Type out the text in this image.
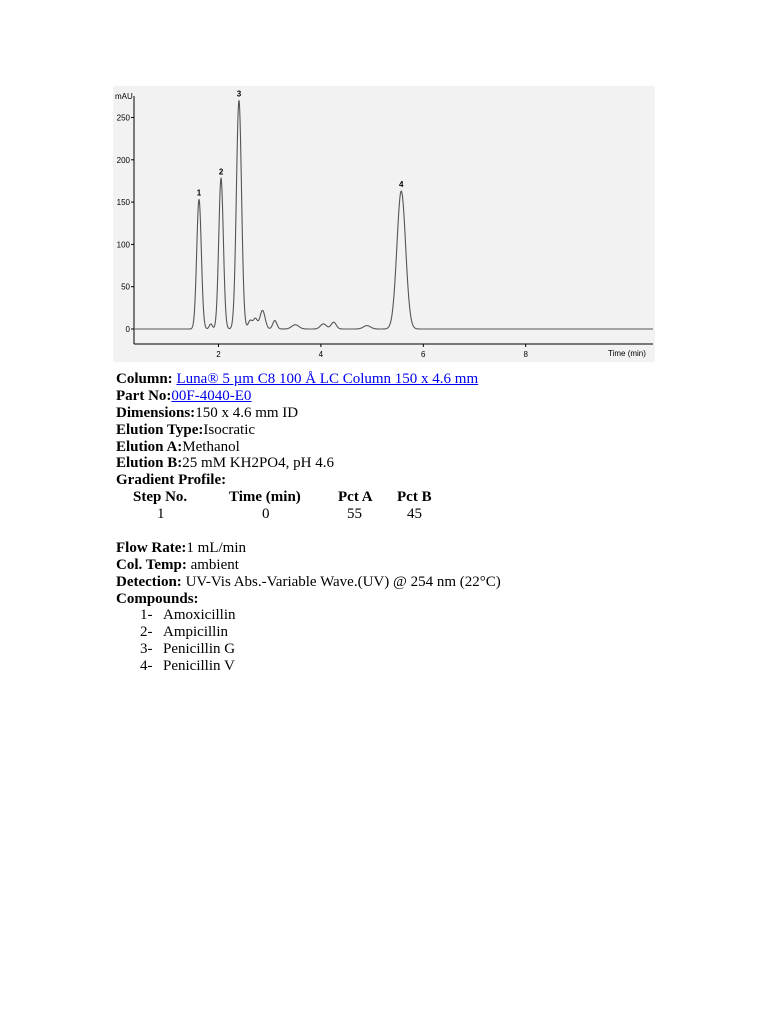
mAU
Time (min)
0
50
100
150
200
250
2	4	6	8
1
2
3
4
Column: Luna® 5 µm C8 100 Å LC Column 150 x 4.6 mm
Part No:00F-4040-E0
Dimensions:150 x 4.6 mm ID
Elution Type:Isocratic
Elution A:Methanol
Elution B:25 mM KH2PO4, pH 4.6
Gradient Profile:
Step No.	Time (min) Pct A Pct B
1	0	55	45
Flow Rate:1 mL/min
Col. Temp: ambient
Detection: UV-Vis Abs.-Variable Wave.(UV) @ 254 nm (22°C)
Compounds:
1- Amoxicillin
2- Ampicillin
3- Penicillin G
4- Penicillin V
